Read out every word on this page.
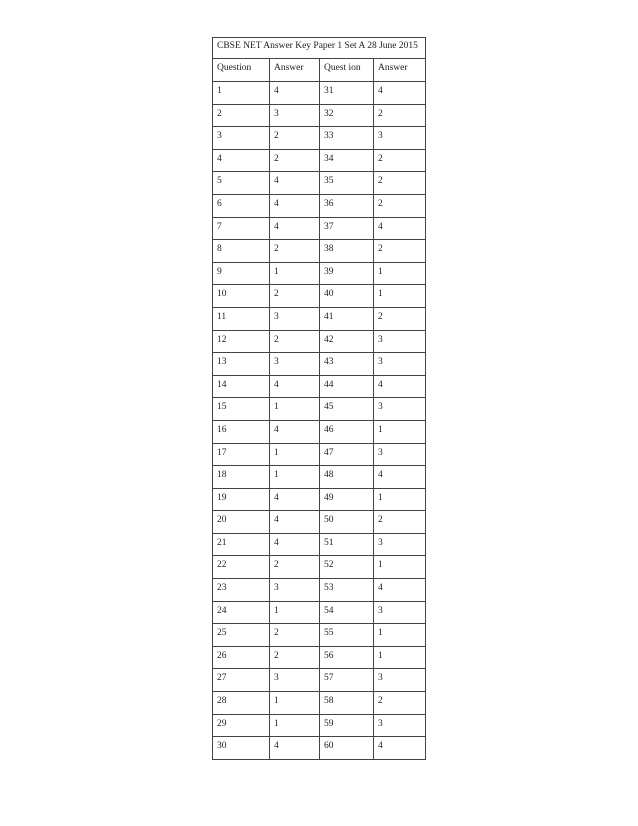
CBSE NET Answer Key Paper 1 Set A 28 June 2015			
Question	Answer	Quest ion	Answer
1	4	31	4
2	3	32	2
3	2	33	3
4	2	34	2
5	4	35	2
6	4	36	2
7	4	37	4
8	2	38	2
9	1	39	1
10	2	40	1
11	3	41	2
12	2	42	3
13	3	43	3
14	4	44	4
15	1	45	3
16	4	46	1
17	1	47	3
18	1	48	4
19	4	49	1
20	4	50	2
21	4	51	3
22	2	52	1
23	3	53	4
24	1	54	3
25	2	55	1
26	2	56	1
27	3	57	3
28	1	58	2
29	1	59	3
30	4	60	4
